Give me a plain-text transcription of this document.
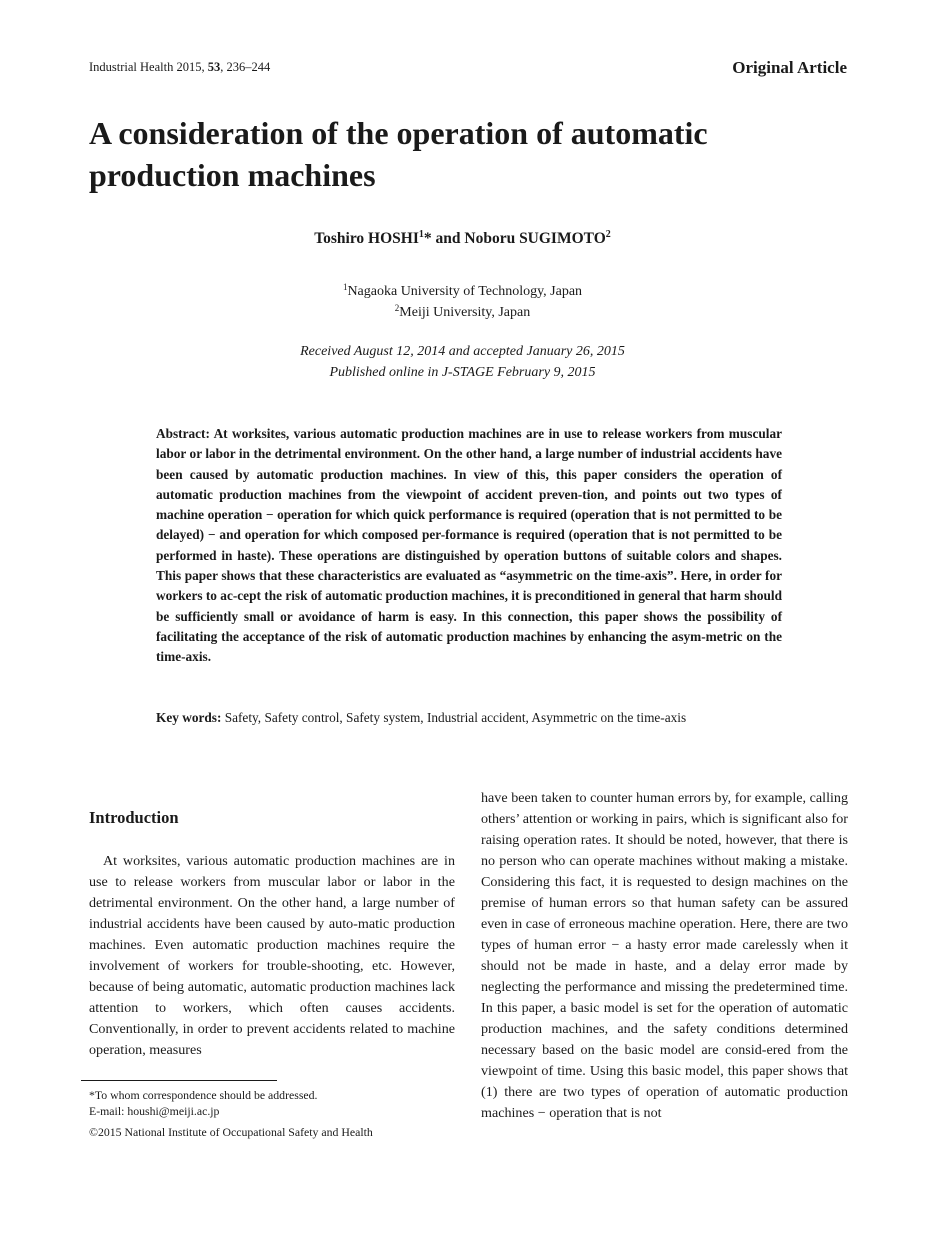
Industrial Health 2015, 53, 236–244	Original Article
A consideration of the operation of automatic production machines
Toshiro HOSHI$^1$* and Noboru SUGIMOTO$^2$
$^1$Nagaoka University of Technology, Japan
$^2$Meiji University, Japan
Received August 12, 2014 and accepted January 26, 2015
Published online in J-STAGE February 9, 2015

Abstract: At worksites, various automatic production machines are in use to release workers from muscular labor or labor in the detrimental environment. On the other hand, a large number of industrial accidents have been caused by automatic production machines. In view of this, this paper considers the operation of automatic production machines from the viewpoint of accident preven-tion, and points out two types of machine operation − operation for which quick performance is required (operation that is not permitted to be delayed) − and operation for which composed per-formance is required (operation that is not permitted to be performed in haste). These operations are distinguished by operation buttons of suitable colors and shapes. This paper shows that these characteristics are evaluated as “asymmetric on the time-axis”. Here, in order for workers to ac-cept the risk of automatic production machines, it is preconditioned in general that harm should be sufficiently small or avoidance of harm is easy. In this connection, this paper shows the possibility of facilitating the acceptance of the risk of automatic production machines by enhancing the asym-metric on the time-axis.

Key words: Safety, Safety control, Safety system, Industrial accident, Asymmetric on the time-axis
Introduction

At worksites, various automatic production machines are in use to release workers from muscular labor or labor in the detrimental environment. On the other hand, a large number of industrial accidents have been caused by auto-matic production machines. Even automatic production machines require the involvement of workers for trouble-shooting, etc. However, because of being automatic, automatic production machines lack attention to workers, which often causes accidents. Conventionally, in order to prevent accidents related to machine operation, measures

have been taken to counter human errors by, for example, calling others’ attention or working in pairs, which is significant also for raising operation rates. It should be noted, however, that there is no person who can operate machines without making a mistake. Considering this fact, it is requested to design machines on the premise of human errors so that human safety can be assured even in case of erroneous machine operation. Here, there are two types of human error − a hasty error made carelessly when it should not be made in haste, and a delay error made by neglecting the performance and missing the predetermined time. In this paper, a basic model is set for the operation of automatic production machines, and the safety conditions determined necessary based on the basic model are consid-ered from the viewpoint of time. Using this basic model, this paper shows that (1) there are two types of operation of automatic production machines − operation that is not

*To whom correspondence should be addressed.
E-mail: houshi@meiji.ac.jp
©2015 National Institute of Occupational Safety and Health
